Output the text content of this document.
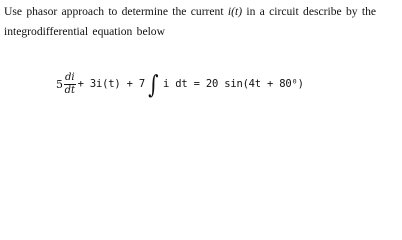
Use phasor approach to determine the current i(t) in a circuit describe by the integrodifferential equation below
$5 \frac{di}{dt} + 3i(t) + 7$ ∫ i dt = 20 sin(4t + 80⁰)
